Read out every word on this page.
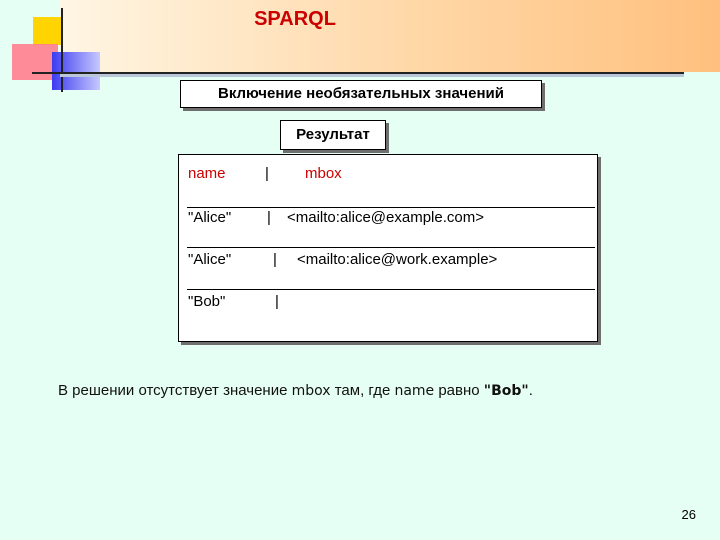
SPARQL
Включение необязательных значений
Результат
name	| mbox
"Alice" | <mailto:alice@example.com>
"Alice"	| <mailto:alice@work.example>
"Bob"	|
В решении отсутствует значение mbox там, где name равно "Bob".
26
